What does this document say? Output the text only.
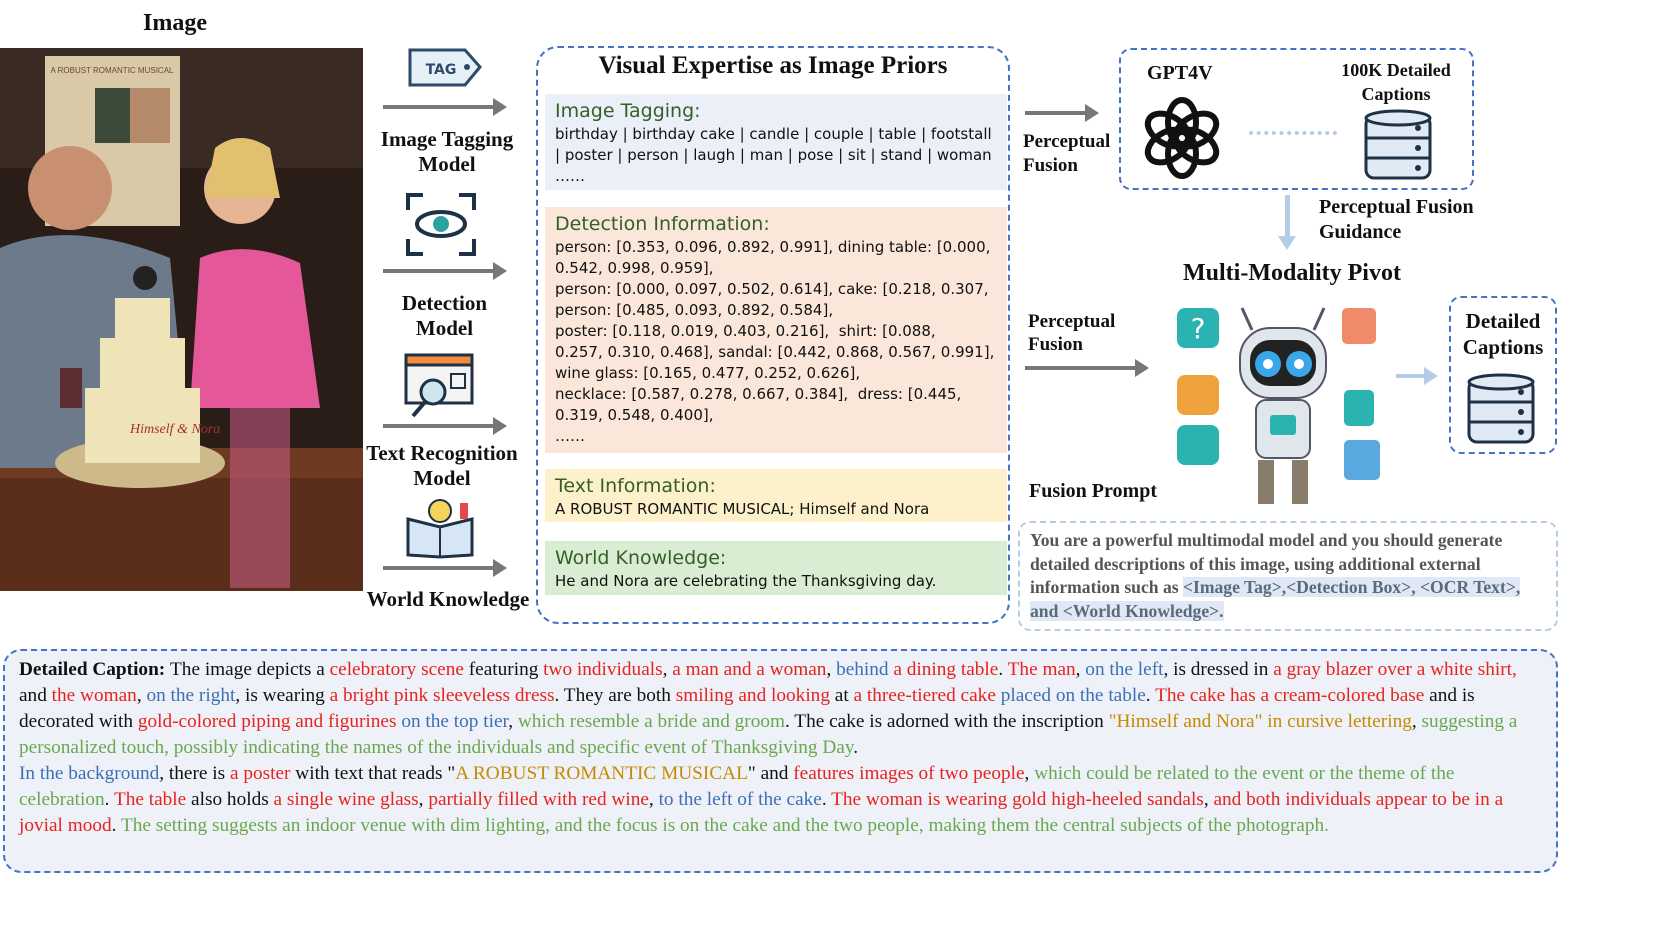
Image
A ROBUST ROMANTIC MUSICAL
Himself & Nora
TAG
Image Tagging Model
Detection Model
Text Recognition Model
World Knowledge
Visual Expertise as Image Priors
Image Tagging:

birthday | birthday cake | candle | couple | table | footstall | poster | person | laugh | man | pose | sit | stand | woman ……

Detection Information:

person: [0.353, 0.096, 0.892, 0.991], dining table: [0.000, 0.542, 0.998, 0.959],
person: [0.000, 0.097, 0.502, 0.614], cake: [0.218, 0.307,
person: [0.485, 0.093, 0.892, 0.584],
poster: [0.118, 0.019, 0.403, 0.216],  shirt: [0.088,
0.257, 0.310, 0.468], sandal: [0.442, 0.868, 0.567, 0.991],
wine glass: [0.165, 0.477, 0.252, 0.626],
necklace: [0.587, 0.278, 0.667, 0.384],  dress: [0.445,
0.319, 0.548, 0.400],
……

Text Information:

A ROBUST ROMANTIC MUSICAL; Himself and Nora

World Knowledge:

He and Nora are celebrating the Thanksgiving day.

Perceptual Fusion
GPT4V	100K Detailed Captions
Perceptual Fusion Guidance
Multi-Modality Pivot
Perceptual Fusion
Fusion Prompt
?	Detailed Captions
You are a powerful multimodal model and you should generate detailed descriptions of this image, using additional external information such as <Image Tag>,<Detection Box>, <OCR Text>, and <World Knowledge>.
Detailed Caption: The image depicts a celebratory scene featuring two individuals, a man and a woman, behind a dining table. The man, on the left, is dressed in a gray blazer over a white shirt, and the woman, on the right, is wearing a bright pink sleeveless dress. They are both smiling and looking at a three-tiered cake placed on the table. The cake has a cream-colored base and is decorated with gold-colored piping and figurines on the top tier, which resemble a bride and groom. The cake is adorned with the inscription "Himself and Nora" in cursive lettering, suggesting a personalized touch, possibly indicating the names of the individuals and specific event of Thanksgiving Day.
In the background, there is a poster with text that reads "A ROBUST ROMANTIC MUSICAL" and features images of two people, which could be related to the event or the theme of the celebration. The table also holds a single wine glass, partially filled with red wine, to the left of the cake. The woman is wearing gold high-heeled sandals, and both individuals appear to be in a jovial mood. The setting suggests an indoor venue with dim lighting, and the focus is on the cake and the two people, making them the central subjects of the photograph.
